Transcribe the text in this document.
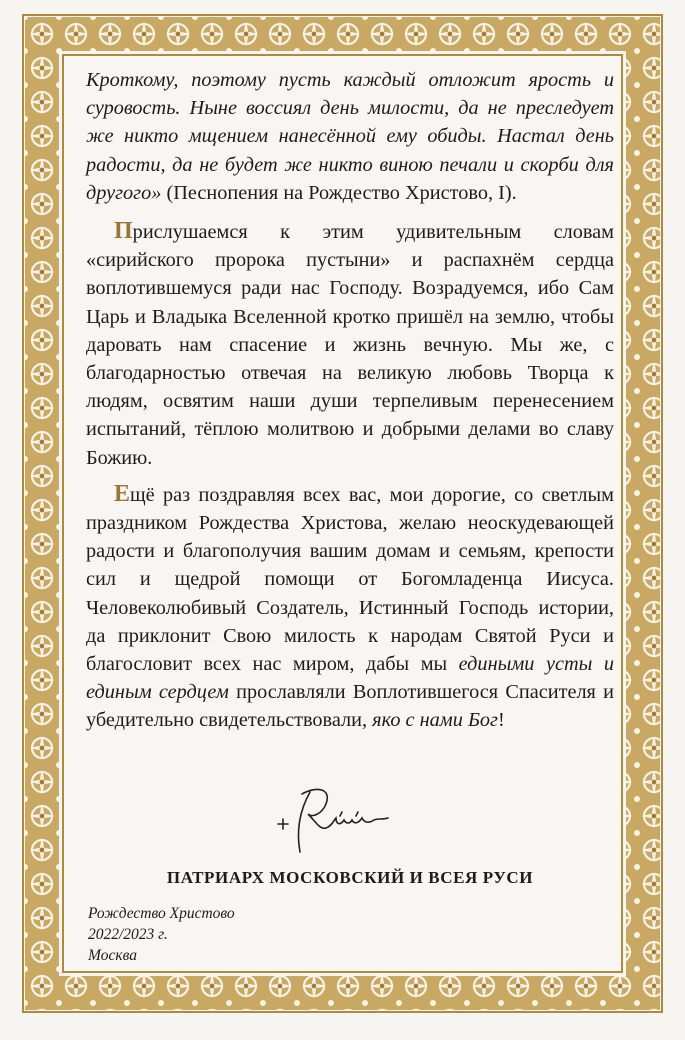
Кроткому, поэтому пусть каждый отложит ярость и суровость. Ныне воссиял день милости, да не преследует же никто мщением нанесённой ему обиды. Настал день радости, да не будет же никто виною печали и скорби для другого» (Песнопения на Рождество Христово, I).

Прислушаемся к этим удивительным словам «сирийского пророка пустыни» и распахнём сердца воплотившемуся ради нас Господу. Возрадуемся, ибо Сам Царь и Владыка Вселенной кротко пришёл на землю, чтобы даровать нам спасение и жизнь вечную. Мы же, с благодарностью отвечая на великую любовь Творца к людям, освятим наши души терпеливым перенесением испытаний, тёплою молитвою и добрыми делами во славу Божию.

Ещё раз поздравляя всех вас, мои дорогие, со светлым праздником Рождества Христова, желаю неоскудевающей радости и благополучия вашим домам и семьям, крепости сил и щедрой помощи от Богомладенца Иисуса. Человеколюбивый Создатель, Истинный Господь истории, да приклонит Свою милость к народам Святой Руси и благословит всех нас миром, дабы мы едиными усты и единым сердцем прославляли Воплотившегося Спасителя и убедительно свидетельствовали, яко с нами Бог!

ПАТРИАРХ МОСКОВСКИЙ И ВСЕЯ РУСИ
Рождество Христово
2022/2023 г.
Москва
